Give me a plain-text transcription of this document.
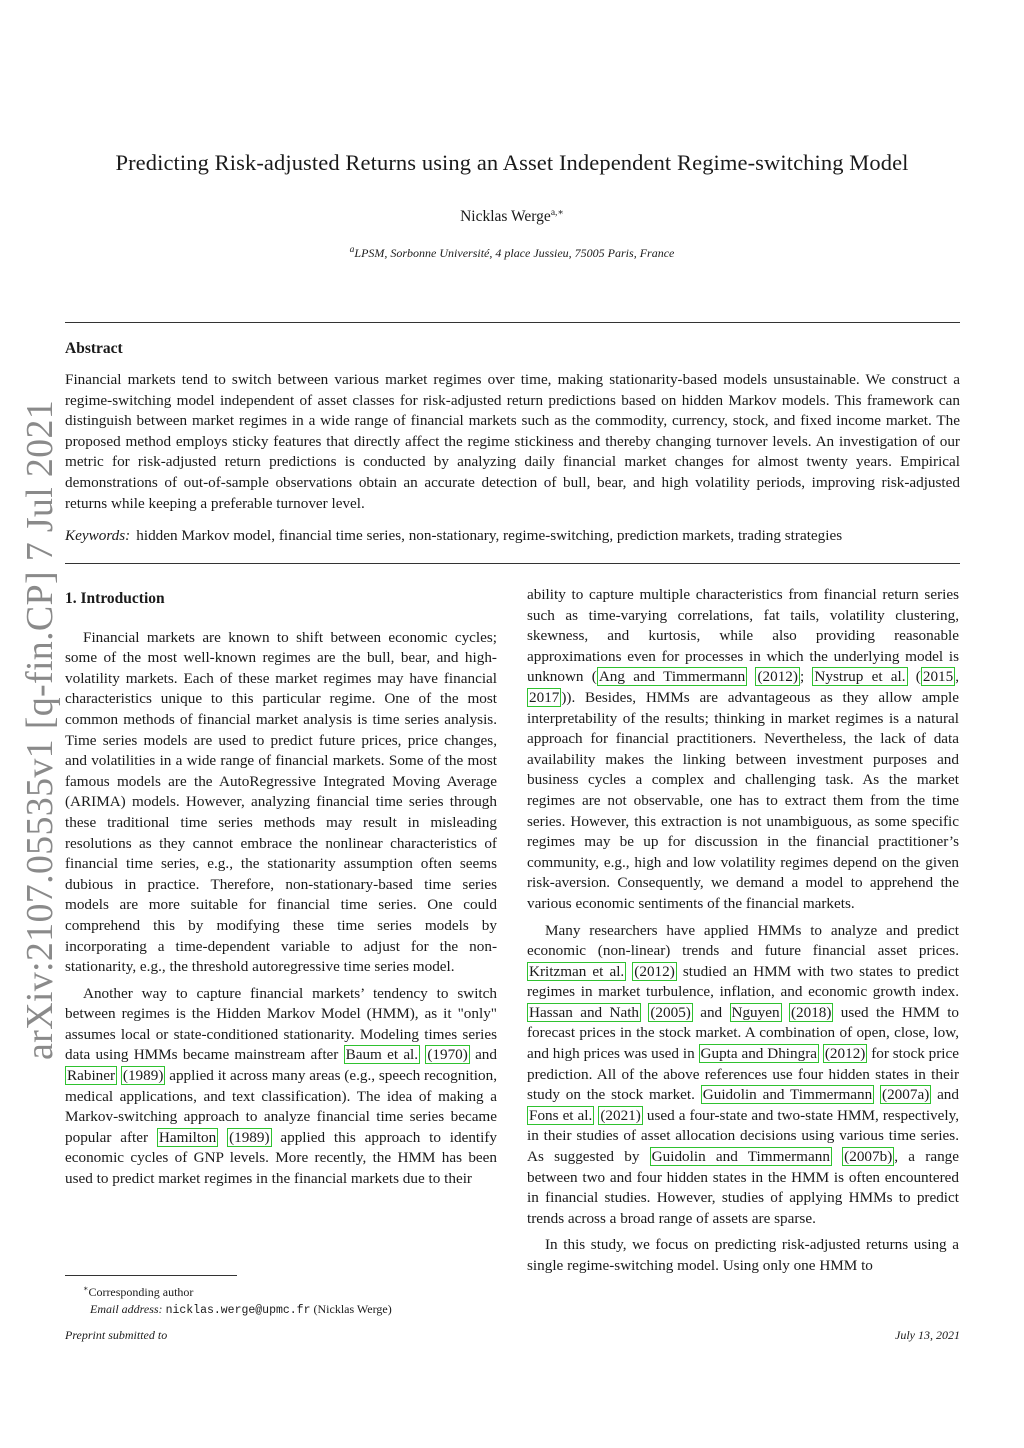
Predicting Risk-adjusted Returns using an Asset Independent Regime-switching Model
Nicklas Werge$^{a,∗}$
$^a$LPSM, Sorbonne Université, 4 place Jussieu, 75005 Paris, France
Abstract
Financial markets tend to switch between various market regimes over time, making stationarity-based models unsustainable. We construct a regime-switching model independent of asset classes for risk-adjusted return predictions based on hidden Markov models. This framework can distinguish between market regimes in a wide range of financial markets such as the commodity, currency, stock, and fixed income market. The proposed method employs sticky features that directly affect the regime stickiness and thereby changing turnover levels. An investigation of our metric for risk-adjusted return predictions is conducted by analyzing daily financial market changes for almost twenty years. Empirical demonstrations of out-of-sample observations obtain an accurate detection of bull, bear, and high volatility periods, improving risk-adjusted returns while keeping a preferable turnover level.
Keywords: hidden Markov model, financial time series, non-stationary, regime-switching, prediction markets, trading strategies
arXiv:2107.05535v1 [q-fin.CP] 7 Jul 2021 1. Introduction

Financial markets are known to shift between economic cycles; some of the most well-known regimes are the bull, bear, and high-volatility markets. Each of these market regimes may have financial characteristics unique to this particular regime. One of the most common methods of financial market analysis is time series analysis. Time series models are used to predict future prices, price changes, and volatilities in a wide range of financial markets. Some of the most famous models are the AutoRegressive Integrated Moving Average (ARIMA) models. However, analyzing financial time series through these traditional time series methods may result in misleading resolutions as they cannot embrace the nonlinear characteristics of financial time series, e.g., the stationarity assumption often seems dubious in practice. Therefore, non-stationary-based time series models are more suitable for financial time series. One could comprehend this by modifying these time series models by incorporating a time-dependent variable to adjust for the non-stationarity, e.g., the threshold autoregressive time series model.

Another way to capture financial markets’ tendency to switch between regimes is the Hidden Markov Model (HMM), as it "only" assumes local or state-conditioned stationarity. Modeling times series data using HMMs became mainstream after Baum et al. (1970) and Rabiner (1989) applied it across many areas (e.g., speech recognition, medical applications, and text classification). The idea of making a Markov-switching approach to analyze financial time series became popular after Hamilton (1989) applied this approach to identify economic cycles of GNP levels. More recently, the HMM has been used to predict market regimes in the financial markets due to their

ability to capture multiple characteristics from financial return series such as time-varying correlations, fat tails, volatility clustering, skewness, and kurtosis, while also providing reasonable approximations even for processes in which the underlying model is unknown ( Ang and Timmermann (2012) ; Nystrup et al. ( 2015 , 2017 )). Besides, HMMs are advantageous as they allow ample interpretability of the results; thinking in market regimes is a natural approach for financial practitioners. Nevertheless, the lack of data availability makes the linking between investment purposes and business cycles a complex and challenging task. As the market regimes are not observable, one has to extract them from the time series. However, this extraction is not unambiguous, as some specific regimes may be up for discussion in the financial practitioner’s community, e.g., high and low volatility regimes depend on the given risk-aversion. Consequently, we demand a model to apprehend the various economic sentiments of the financial markets.

Many researchers have applied HMMs to analyze and predict economic (non-linear) trends and future financial asset prices. Kritzman et al. (2012) studied an HMM with two states to predict regimes in market turbulence, inflation, and economic growth index. Hassan and Nath (2005) and Nguyen (2018) used the HMM to forecast prices in the stock market. A combination of open, close, low, and high prices was used in Gupta and Dhingra (2012) for stock price prediction. All of the above references use four hidden states in their study on the stock market. Guidolin and Timmermann (2007a) and Fons et al. (2021) used a four-state and two-state HMM, respectively, in their studies of asset allocation decisions using various time series. As suggested by Guidolin and Timmermann (2007b) , a range between two and four hidden states in the HMM is often encountered in financial studies. However, studies of applying HMMs to predict trends across a broad range of assets are sparse.

In this study, we focus on predicting risk-adjusted returns using a single regime-switching model. Using only one HMM to

∗Corresponding author
Email address: nicklas.werge@upmc.fr (Nicklas Werge)
Preprint submitted to	July 13, 2021
